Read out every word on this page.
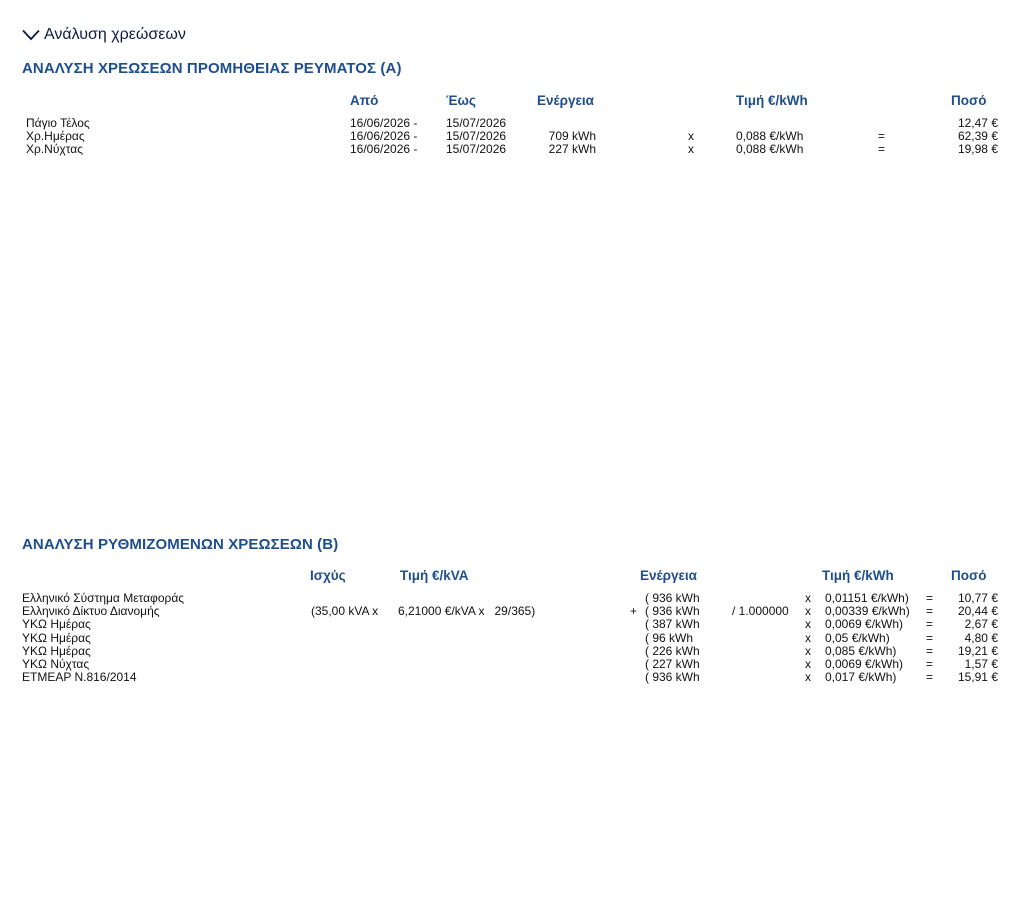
Ανάλυση χρεώσεων
ΑΝΑΛΥΣΗ ΧΡΕΩΣΕΩΝ ΠΡΟΜΗΘΕΙΑΣ ΡΕΥΜΑΤΟΣ (Α)
Από	Έως	Ενέργεια	Τιμή €/kWh	Ποσό
Πάγιο Τέλος	16/06/2026 - 15/07/2026	12,47 €
Χρ.Ημέρας	16/06/2026 - 15/07/2026	709 kWh	x	0,088 €/kWh	=	62,39 €
Χρ.Νύχτας	16/06/2026 - 15/07/2026	227 kWh	x	0,088 €/kWh	=	19,98 €
ΑΝΑΛΥΣΗ ΡΥΘΜΙΖΟΜΕΝΩΝ ΧΡΕΩΣΕΩΝ (Β)
Ισχύς	Τιμή €/kVA	Ενέργεια	Τιμή €/kWh	Ποσό
Ελληνικό Σύστημα Μεταφοράς	( 936 kWh	x 0,01151 €/kWh) = 10,77 €
Ελληνικό Δίκτυο Διανομής	(35,00 kVA x 6,21000 €/kVA x   29/365)	+ ( 936 kWh	/ 1.000000 x 0,00339 €/kWh) = 20,44 €
ΥΚΩ Ημέρας	( 387 kWh	x 0,0069 €/kWh) =	2,67 €
ΥΚΩ Ημέρας	( 96 kWh	x 0,05 €/kWh)	=	4,80 €
ΥΚΩ Ημέρας	( 226 kWh	x 0,085 €/kWh) = 19,21 €
ΥΚΩ Νύχτας	( 227 kWh	x 0,0069 €/kWh) =	1,57 €
ΕΤΜΕΑΡ Ν.816/2014	( 936 kWh	x 0,017 €/kWh) = 15,91 €
